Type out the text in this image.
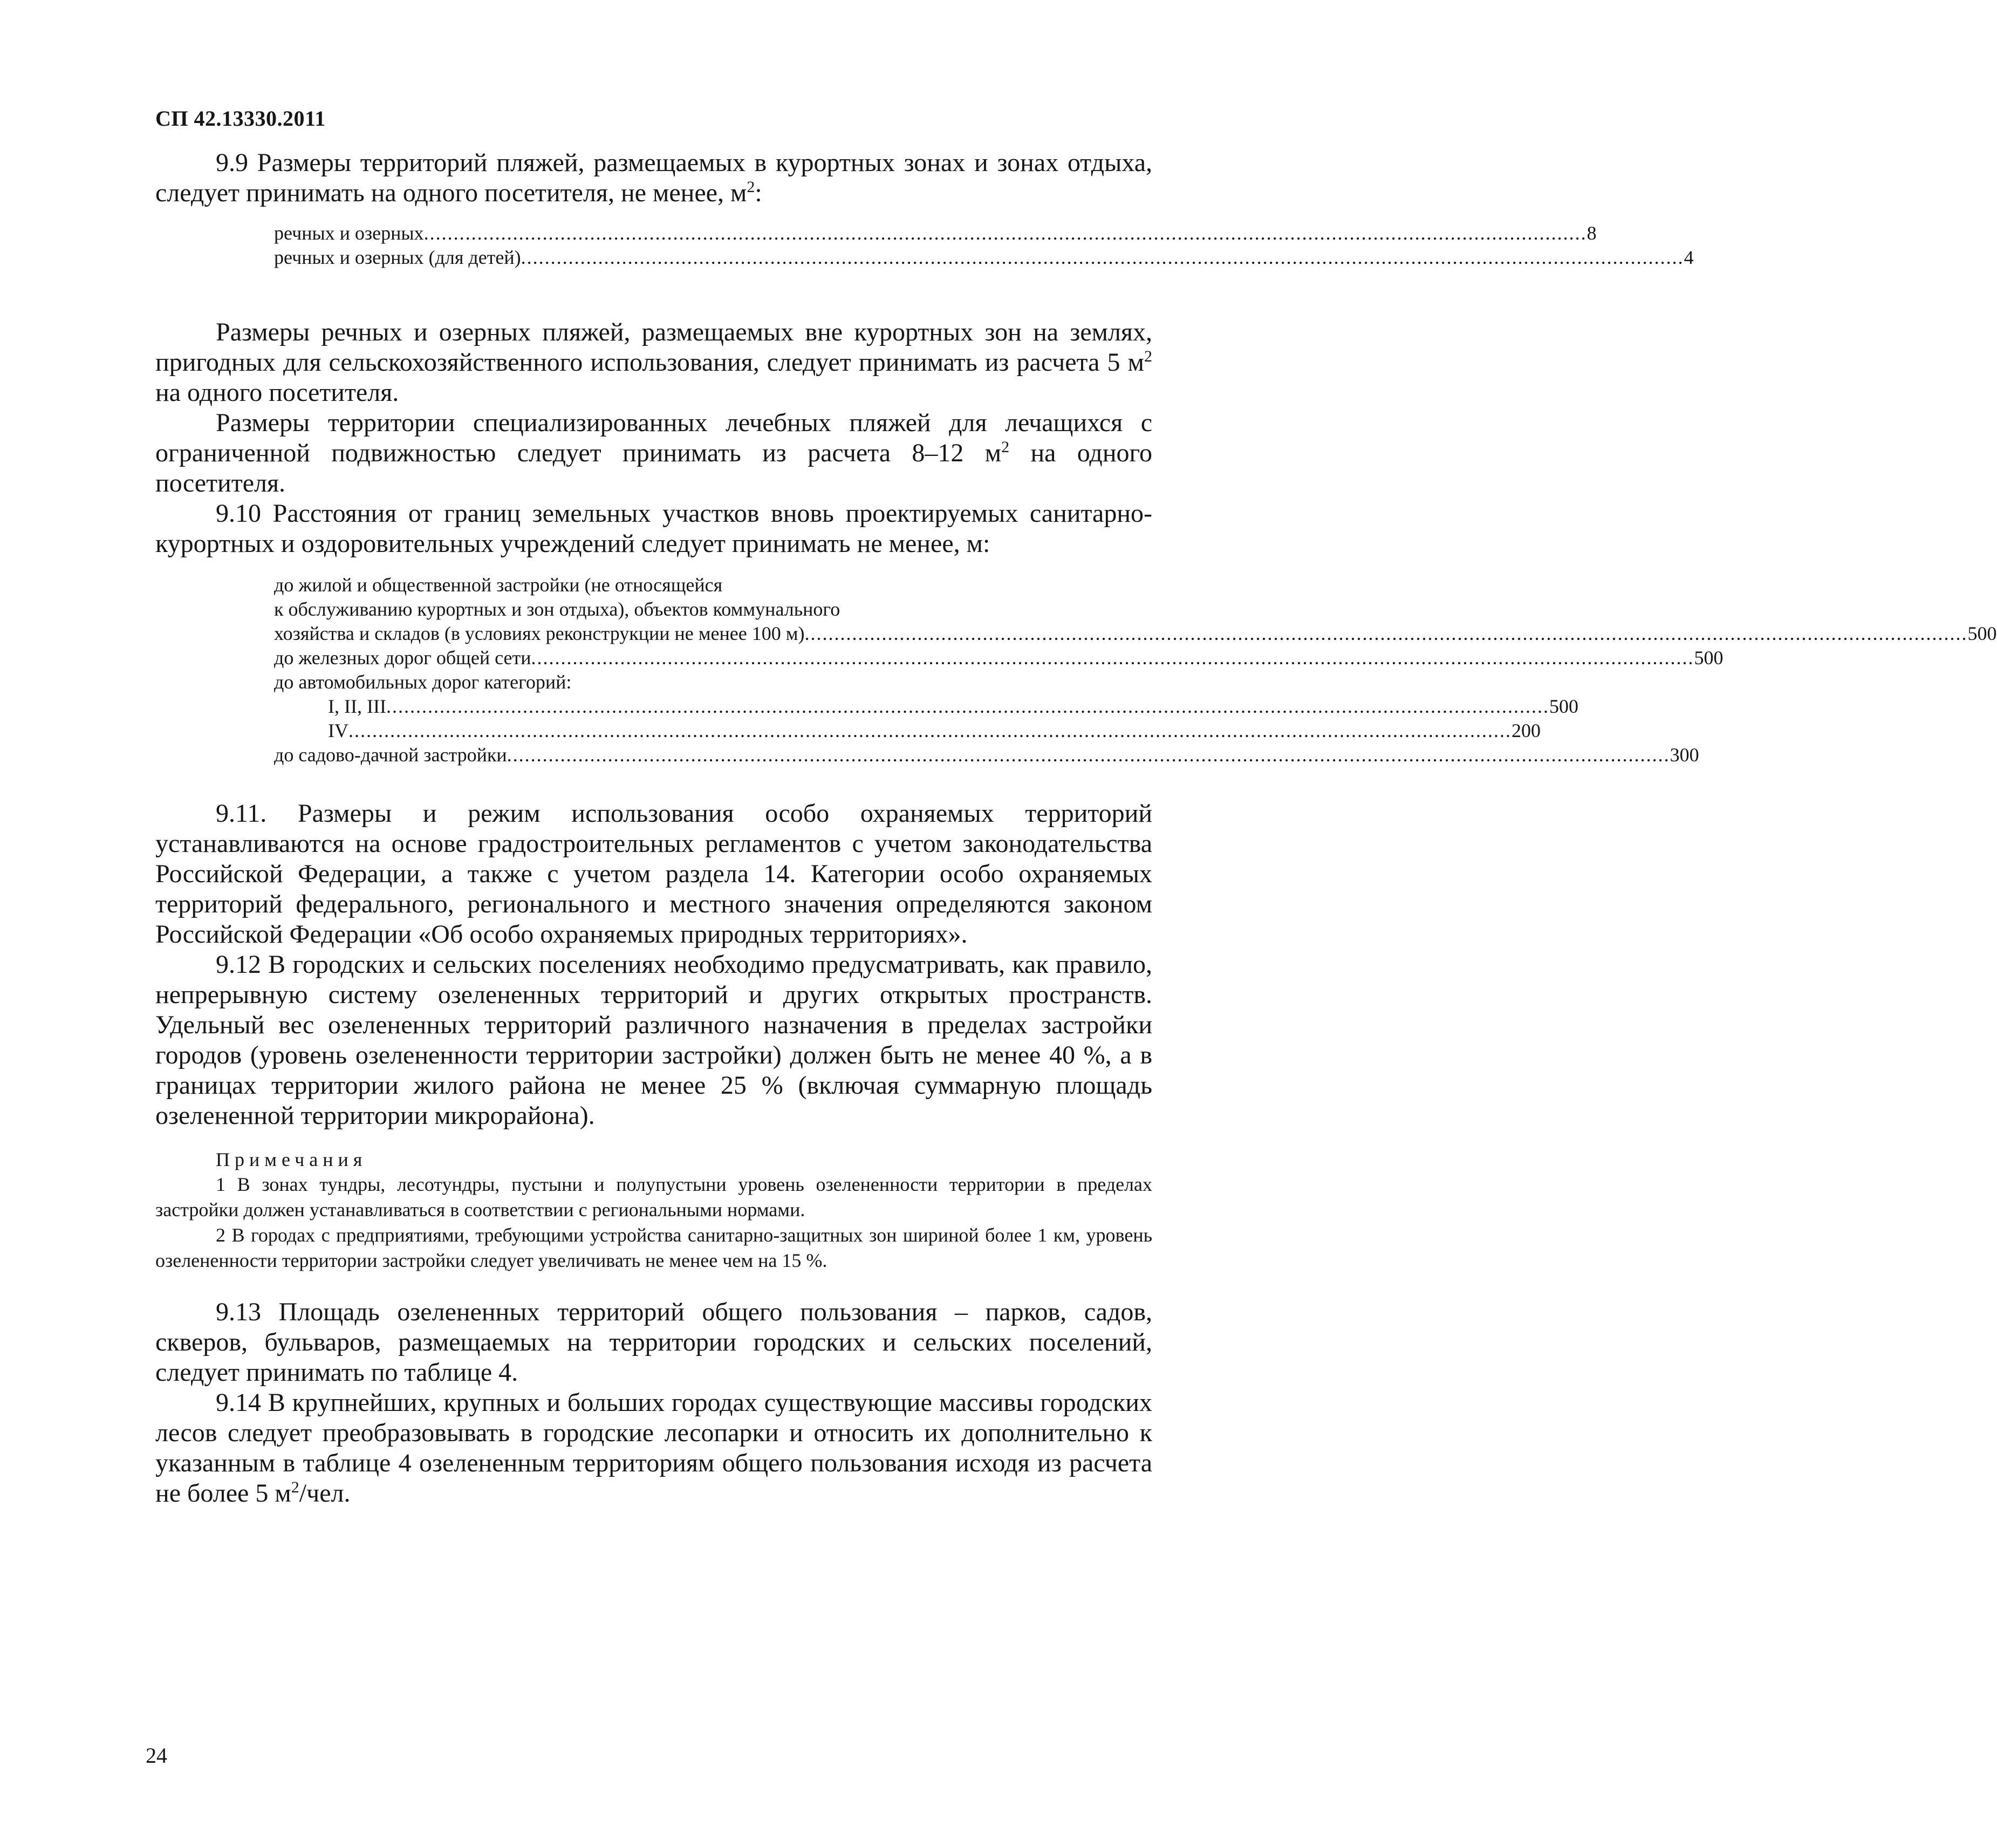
СП 42.13330.2011

9.9 Размеры территорий пляжей, размещаемых в курортных зонах и зонах отдыха, следует принимать на одного посетителя, не менее, $м^2$:

речных и озерных .................................................................................................................................................................................................... 8
речных и озерных (для детей) .................................................................................................................................................................................................... 4

Размеры речных и озерных пляжей, размещаемых вне курортных зон на землях, пригодных для сельскохозяйственного использования, следует принимать из расчета 5 $м^2$ на одного посетителя.

Размеры территории специализированных лечебных пляжей для лечащихся с ограниченной подвижностью следует принимать из расчета 8–12 $м^2$ на одного посетителя.

9.10 Расстояния от границ земельных участков вновь проектируемых санитарно-курортных и оздоровительных учреждений следует принимать не менее, м:

до жилой и общественной застройки (не относящейся
к обслуживанию курортных и зон отдыха), объектов коммунального
хозяйства и складов (в условиях реконструкции не менее 100 м) .................................................................................................................................................................................................... 500
до железных дорог общей сети .................................................................................................................................................................................................... 500
до автомобильных дорог категорий:
I, II, III .................................................................................................................................................................................................... 500
IV .................................................................................................................................................................................................... 200
до садово-дачной застройки .................................................................................................................................................................................................... 300

9.11. Размеры и режим использования особо охраняемых территорий устанавливаются на основе градостроительных регламентов с учетом законодательства Российской Федерации, а также с учетом раздела 14. Категории особо охраняемых территорий федерального, регионального и местного значения определяются законом Российской Федерации «Об особо охраняемых природных территориях».

9.12 В городских и сельских поселениях необходимо предусматривать, как правило, непрерывную систему озелененных территорий и других открытых пространств. Удельный вес озелененных территорий различного назначения в пределах застройки городов (уровень озелененности территории застройки) должен быть не менее 40 %, а в границах территории жилого района не менее 25 % (включая суммарную площадь озелененной территории микрорайона).

Примечания

1 В зонах тундры, лесотундры, пустыни и полупустыни уровень озелененности территории в пределах застройки должен устанавливаться в соответствии с региональными нормами.

2 В городах с предприятиями, требующими устройства санитарно-защитных зон шириной более 1 км, уровень озелененности территории застройки следует увеличивать не менее чем на 15 %.

9.13 Площадь озелененных территорий общего пользования – парков, садов, скверов, бульваров, размещаемых на территории городских и сельских поселений, следует принимать по таблице 4.

9.14 В крупнейших, крупных и больших городах существующие массивы городских лесов следует преобразовывать в городские лесопарки и относить их дополнительно к указанным в таблице 4 озелененным территориям общего пользования исходя из расчета не более 5 $м^2$/чел.

24
